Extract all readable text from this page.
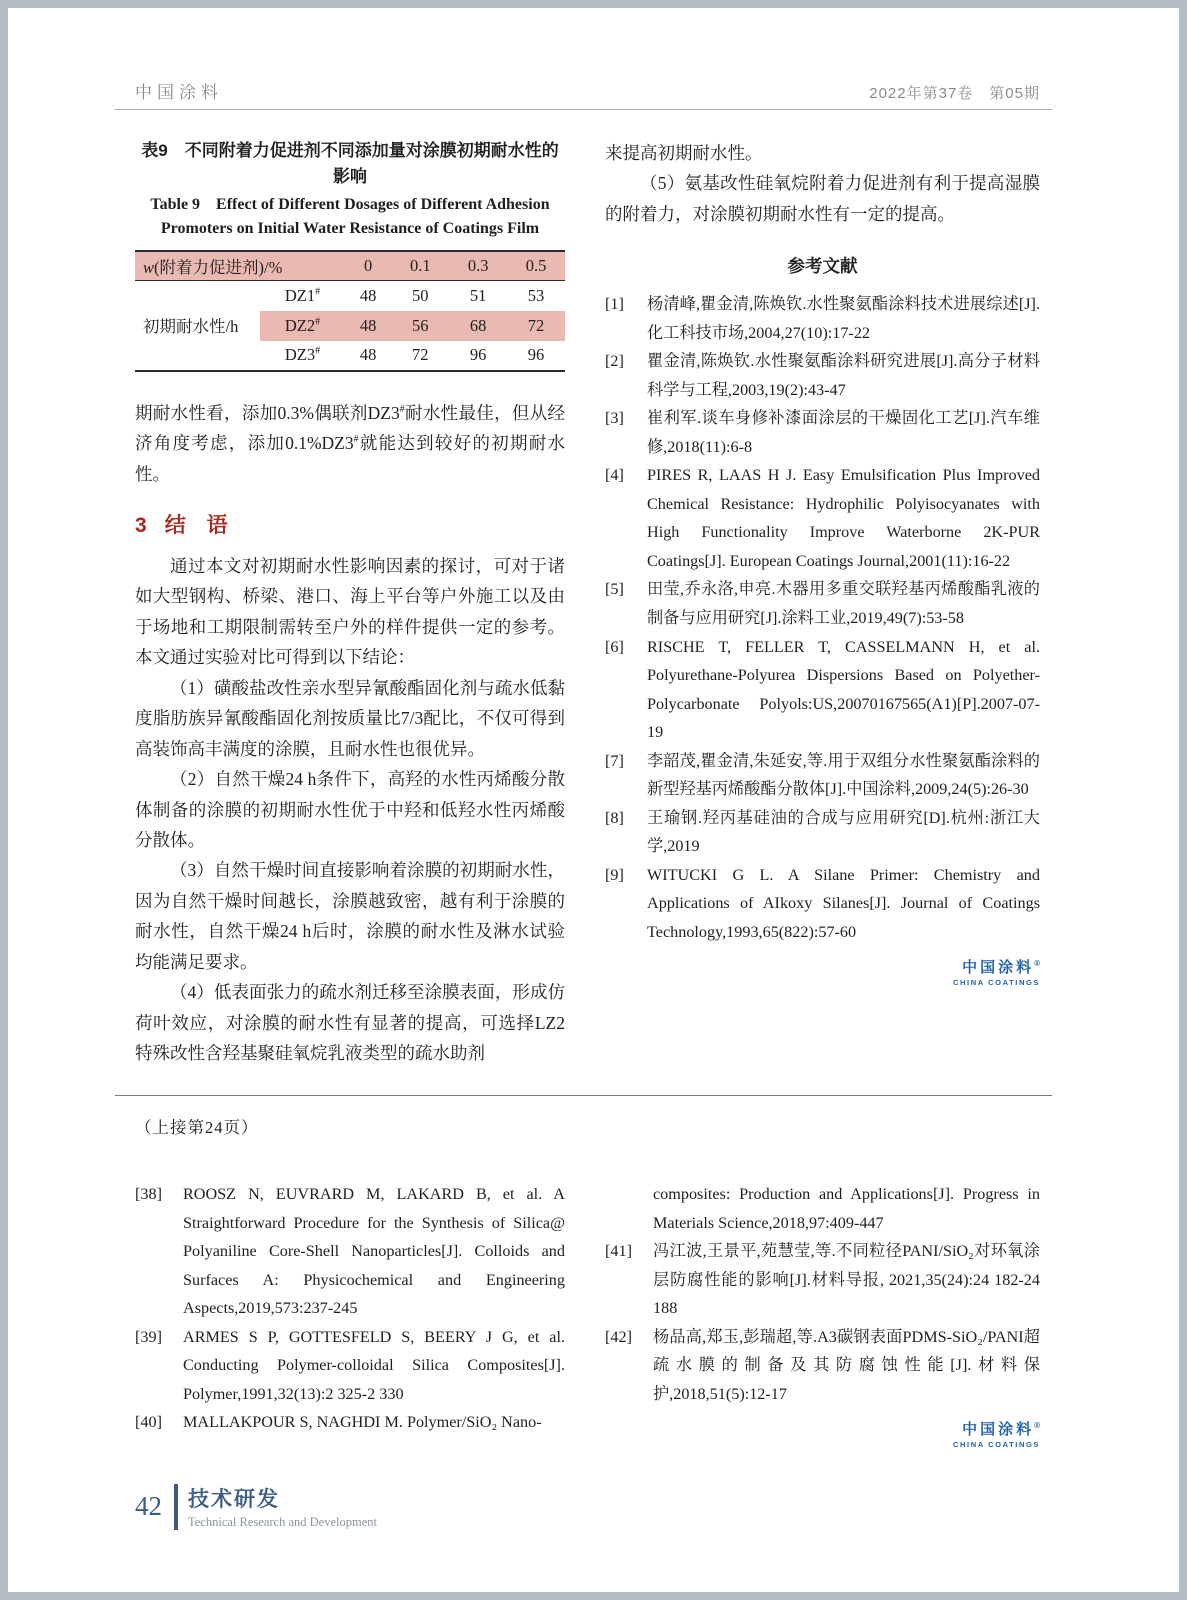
中国涂料	2022年第37卷　第05期
表9　不同附着力促进剂不同添加量对涂膜初期耐水性的影响
Table 9　Effect of Different Dosages of Different Adhesion Promoters on Initial Water Resistance of Coatings Film
w(附着力促进剂)/%		0	0.1	0.3	0.5
初期耐水性/h	DZ1#	48	50	51	53
	DZ2#	48	56	68	72
	DZ3#	48	72	96	96

期耐水性看，添加0.3%偶联剂DZ3#耐水性最佳，但从经济角度考虑，添加0.1%DZ3#就能达到较好的初期耐水性。

3 结　语

通过本文对初期耐水性影响因素的探讨，可对于诸如大型钢构、桥梁、港口、海上平台等户外施工以及由于场地和工期限制需转至户外的样件提供一定的参考。本文通过实验对比可得到以下结论：

（1）磺酸盐改性亲水型异氰酸酯固化剂与疏水低黏度脂肪族异氰酸酯固化剂按质量比7/3配比，不仅可得到高装饰高丰满度的涂膜，且耐水性也很优异。

（2）自然干燥24 h条件下，高羟的水性丙烯酸分散体制备的涂膜的初期耐水性优于中羟和低羟水性丙烯酸分散体。

（3）自然干燥时间直接影响着涂膜的初期耐水性，因为自然干燥时间越长，涂膜越致密，越有利于涂膜的耐水性，自然干燥24 h后时，涂膜的耐水性及淋水试验均能满足要求。

（4）低表面张力的疏水剂迁移至涂膜表面，形成仿荷叶效应，对涂膜的耐水性有显著的提高，可选择LZ2特殊改性含羟基聚硅氧烷乳液类型的疏水助剂

来提高初期耐水性。

（5）氨基改性硅氧烷附着力促进剂有利于提高湿膜的附着力，对涂膜初期耐水性有一定的提高。

参考文献
[1] 杨清峰,瞿金清,陈焕钦.水性聚氨酯涂料技术进展综述[J].化工科技市场,2004,27(10):17-22
[2] 瞿金清,陈焕钦.水性聚氨酯涂料研究进展[J].高分子材料科学与工程,2003,19(2):43-47
[3] 崔利军.谈车身修补漆面涂层的干燥固化工艺[J].汽车维修,2018(11):6-8
[4] PIRES R, LAAS H J. Easy Emulsification Plus Improved Chemical Resistance: Hydrophilic Polyisocyanates with High Functionality Improve Waterborne 2K-PUR Coatings[J]. European Coatings Journal,2001(11):16-22
[5] 田莹,乔永洛,申亮.木器用多重交联羟基丙烯酸酯乳液的制备与应用研究[J].涂料工业,2019,49(7):53-58
[6] RISCHE T, FELLER T, CASSELMANN H, et al. Polyurethane-Polyurea Dispersions Based on Polyether-Polycarbonate Polyols:US,20070167565(A1)[P].2007-07-19
[7] 李韶茂,瞿金清,朱延安,等.用于双组分水性聚氨酯涂料的新型羟基丙烯酸酯分散体[J].中国涂料,2009,24(5):26-30
[8] 王瑜钢.羟丙基硅油的合成与应用研究[D].杭州:浙江大学,2019
[9] WITUCKI G L. A Silane Primer: Chemistry and Applications of AIkoxy Silanes[J]. Journal of Coatings Technology,1993,65(822):57-60
中国涂料®
CHINA COATINGS
（上接第24页）
[38] ROOSZ N, EUVRARD M, LAKARD B, et al. A Straightforward Procedure for the Synthesis of Silica@ Polyaniline Core-Shell Nanoparticles[J]. Colloids and Surfaces A: Physicochemical and Engineering Aspects,2019,573:237-245
[39] ARMES S P, GOTTESFELD S, BEERY J G, et al. Conducting Polymer-colloidal Silica Composites[J]. Polymer,1991,32(13):2 325-2 330
[40] MALLAKPOUR S, NAGHDI M. Polymer/SiO₂ Nano-
composites: Production and Applications[J]. Progress in Materials Science,2018,97:409-447
[41] 冯江波,王景平,苑慧莹,等.不同粒径PANI/SiO₂对环氧涂层防腐性能的影响[J].材料导报, 2021,35(24):24 182-24 188
[42] 杨品高,郑玉,彭瑞超,等.A3碳钢表面PDMS-SiO₂/PANI超疏水膜的制备及其防腐蚀性能[J].材料保护,2018,51(5):12-17
中国涂料®
CHINA COATINGS
42 技术研发
Technical Research and Development
